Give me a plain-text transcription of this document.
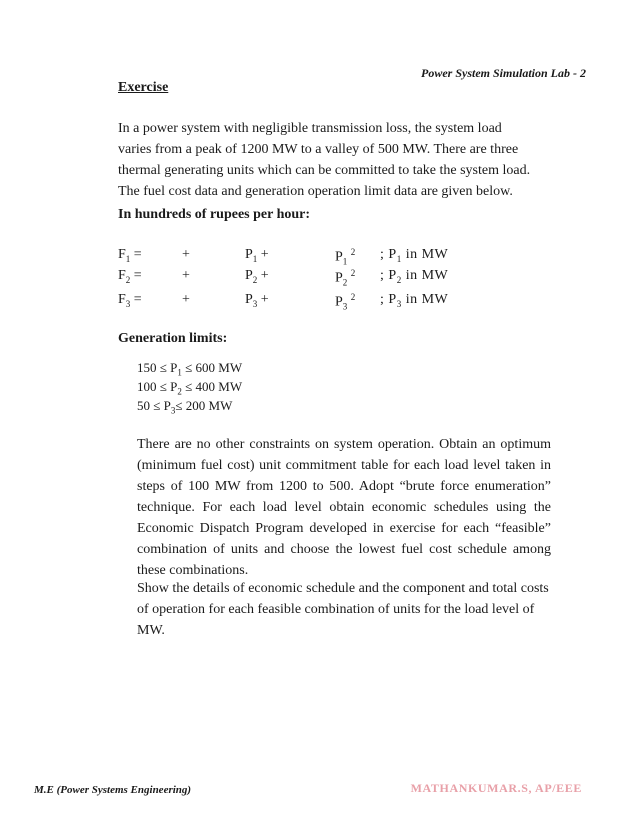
Power System Simulation Lab - 2
Exercise
In a power system with negligible transmission loss, the system load varies from a peak of 1200 MW to a valley of 500 MW. There are three thermal generating units which can be committed to take the system load. The fuel cost data and generation operation limit data are given below.
In hundreds of rupees per hour:
$F_1$ =	+	$P_1$ +	$P_1$ $^2$ ; $P_1$ in MW
$F_2$ =	+	$P_2$ +	$P_2$ $^2$ ; $P_2$ in MW
$F_3$ =	+	$P_3$ +	$P_3$ $^2$ ; $P_3$ in MW
Generation limits:
$150 \le P_1 \le 600$ MW
$100 \le P_2 \le 400$ MW
$50 \le P_3\le 200$ MW
There are no other constraints on system operation. Obtain an optimum (minimum fuel cost) unit commitment table for each load level taken in steps of 100 MW from 1200 to 500. Adopt “brute force enumeration” technique. For each load level obtain economic schedules using the Economic Dispatch Program developed in exercise for each “feasible” combination of units and choose the lowest fuel cost schedule among these combinations.
Show the details of economic schedule and the component and total costs of operation for each feasible combination of units for the load level of MW.
M.E (Power Systems Engineering)	MATHANKUMAR.S, AP/EEE
